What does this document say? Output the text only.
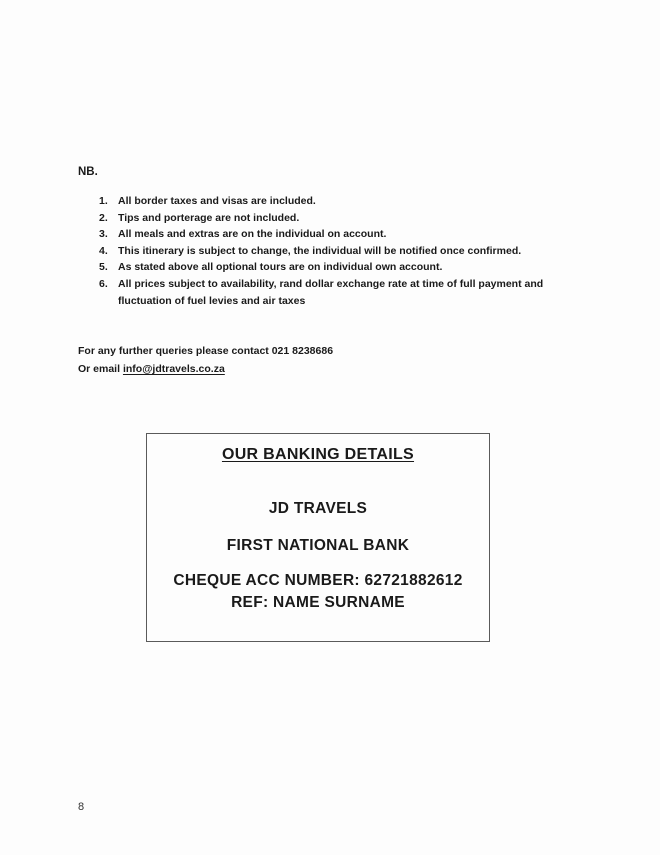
NB.
1. All border taxes and visas are included.
2. Tips and porterage are not included.
3. All meals and extras are on the individual on account.
4. This itinerary is subject to change, the individual will be notified once confirmed.
5. As stated above all optional tours are on individual own account.
6. All prices subject to availability, rand dollar exchange rate at time of full payment and
fluctuation of fuel levies and air taxes
For any further queries please contact 021 8238686
Or email info@jdtravels.co.za
OUR BANKING DETAILS
JD TRAVELS
FIRST NATIONAL BANK
CHEQUE ACC NUMBER: 62721882612
REF: NAME SURNAME
8
